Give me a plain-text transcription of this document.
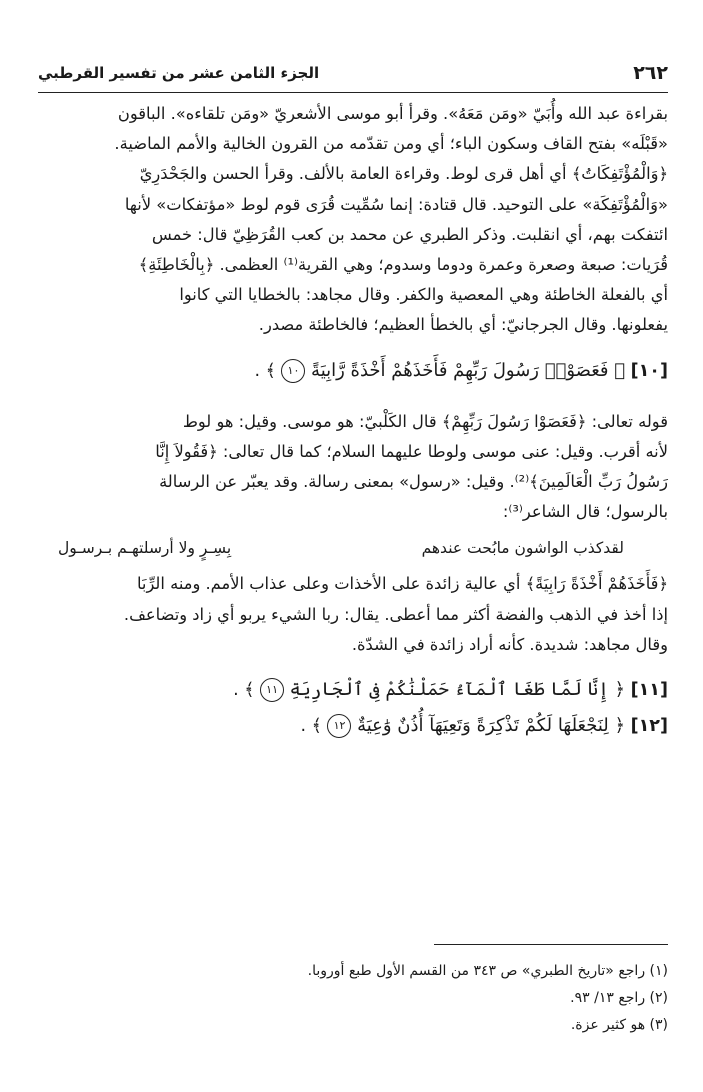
٢٦٢
الجزء الثامن عشر من تفسير القرطبي

بقراءة عبد الله وأُبَيّ «ومَن مَعَهُ». وقرأ أبو موسى الأشعريّ «ومَن تلقاءه». الباقون

«قَبْلَه» بفتح القاف وسكون الباء؛ أي ومن تقدّمه من القرون الخالية والأمم الماضية.

﴿وَالْمُؤْتَفِكَاتُ﴾ أي أهل قرى لوط. وقراءة العامة بالألف. وقرأ الحسن والجَحْدَرِيّ

«وَالْمُؤْتَفِكَة» على التوحيد. قال قتادة: إنما سُمِّيت قُرَى قوم لوط «مؤتفكات» لأنها

ائتفكت بهم، أي انقلبت. وذكر الطبري عن محمد بن كعب القُرَظِيّ قال: خمس

قُرَيات: صبعة وصعرة وعمرة ودوما وسدوم؛ وهي القرية⁽¹⁾ العظمى. ﴿بِالْخَاطِئَةِ﴾

أي بالفعلة الخاطئة وهي المعصية والكفر. وقال مجاهد: بالخطايا التي كانوا

يفعلونها. وقال الجرجانيّ: أي بالخطأ العظيم؛ فالخاطئة مصدر.

[١٠] ﴿ فَعَصَوْا۟ رَسُولَ رَبِّهِمْ فَأَخَذَهُمْ أَخْذَةً رَّابِيَةً ١٠ ﴾ .

قوله تعالى: ﴿فَعَصَوْا رَسُولَ رَبِّهِمْ﴾ قال الكَلْبيّ: هو موسى. وقيل: هو لوط

لأنه أقرب. وقيل: عنى موسى ولوطا عليهما السلام؛ كما قال تعالى: ﴿فَقُولاَ إِنَّا

رَسُولُ رَبِّ الْعَالَمِينَ﴾⁽²⁾. وقيل: «رسول» بمعنى رسالة. وقد يعبّر عن الرسالة

بالرسول؛ قال الشاعر⁽³⁾:

لقدكذب الواشون مابُحت عندهم
بِسِـرٍ ولا أرسلتهـم بـرسـول

﴿فَأَخَذَهُمْ أَخْذَةً رَابِيَةً﴾ أي عالية زائدة على الأخذات وعلى عذاب الأمم. ومنه الرِّبَا

إذا أخذ في الذهب والفضة أكثر مما أعطى. يقال: ربا الشيء يربو أي زاد وتضاعف.

وقال مجاهد: شديدة. كأنه أراد زائدة في الشدّة.

[١١] ﴿ إِنَّا لَمَّا طَغَا ٱلْمَآءُ حَمَلْنَٰكُمْ فِى ٱلْجَارِيَةِ ١١ ﴾ .

[١٢] ﴿ لِنَجْعَلَهَا لَكُمْ تَذْكِرَةً وَتَعِيَهَآ أُذُنٌ وَٰعِيَةٌ ١٢ ﴾ .

(١) راجع «تاريخ الطبري» ص ٣٤٣ من القسم الأول طبع أوروبا.

(٢) راجع ١٣/ ٩٣.

(٣) هو كثير عزة.
